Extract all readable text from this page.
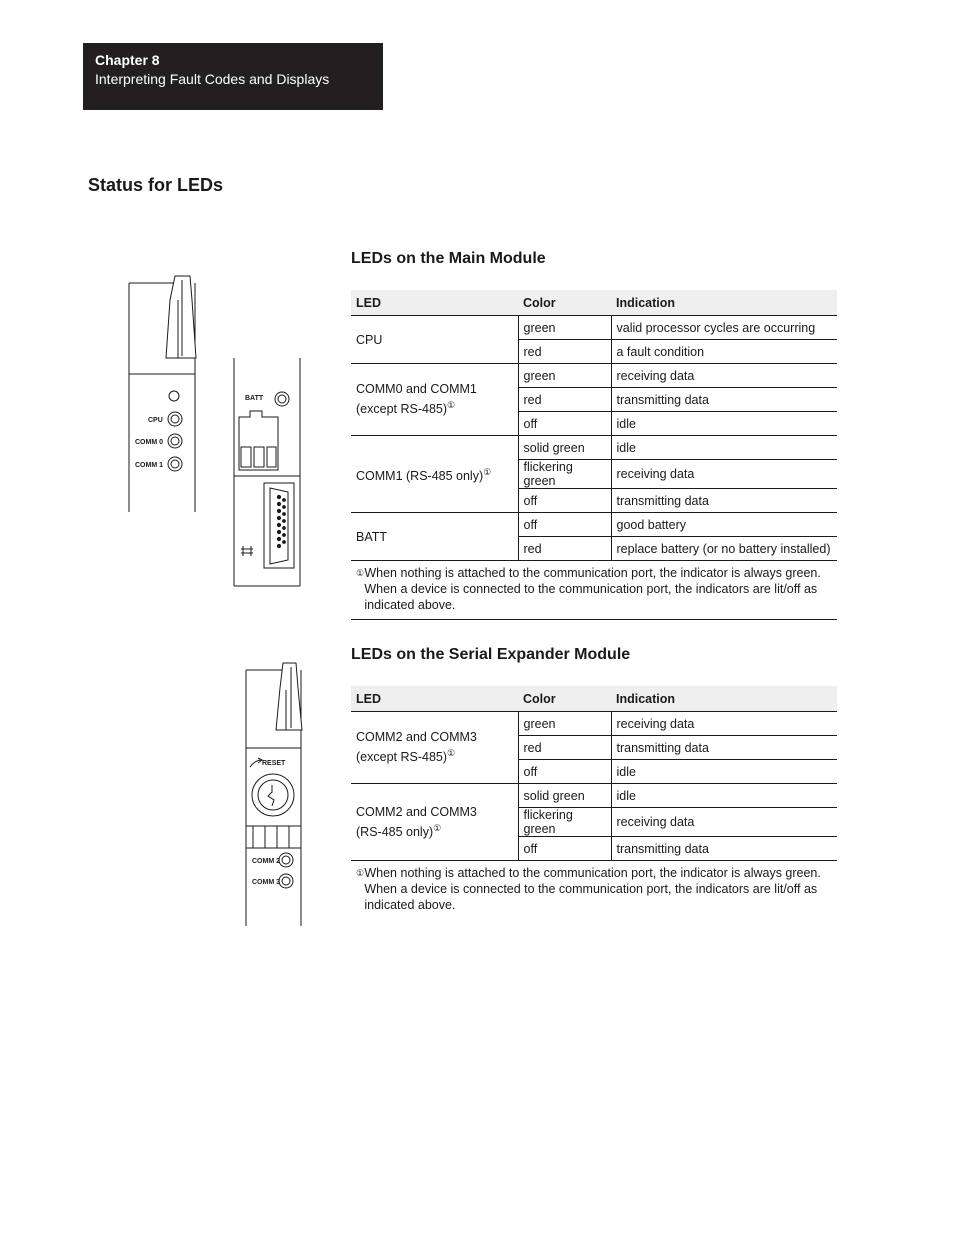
Chapter 8
Interpreting Fault Codes and Displays
Status for LEDs
CPU
COMM 0
COMM 1
BATT
RESET
COMM 2
COMM 3
LEDs on the Main Module
LED	Color	Indication
CPU	green	valid processor cycles are occurring
	red	a fault condition
COMM0 and COMM1
(except RS-485)①	green	receiving data
	red	transmitting data
	off	idle
COMM1 (RS-485 only)①	solid green	idle
	flickering green	receiving data
	off	transmitting data
BATT	off	good battery
	red	replace battery (or no battery installed)

① When nothing is attached to the communication port, the indicator is always green. When a device is connected to the communication port, the indicators are lit/off as indicated above.		
LEDs on the Serial Expander Module
LED	Color	Indication
COMM2 and COMM3
(except RS-485)①	green	receiving data
	red	transmitting data
	off	idle
COMM2 and COMM3
(RS-485 only)①	solid green	idle
	flickering green	receiving data
	off	transmitting data

① When nothing is attached to the communication port, the indicator is always green. When a device is connected to the communication port, the indicators are lit/off as indicated above.		
